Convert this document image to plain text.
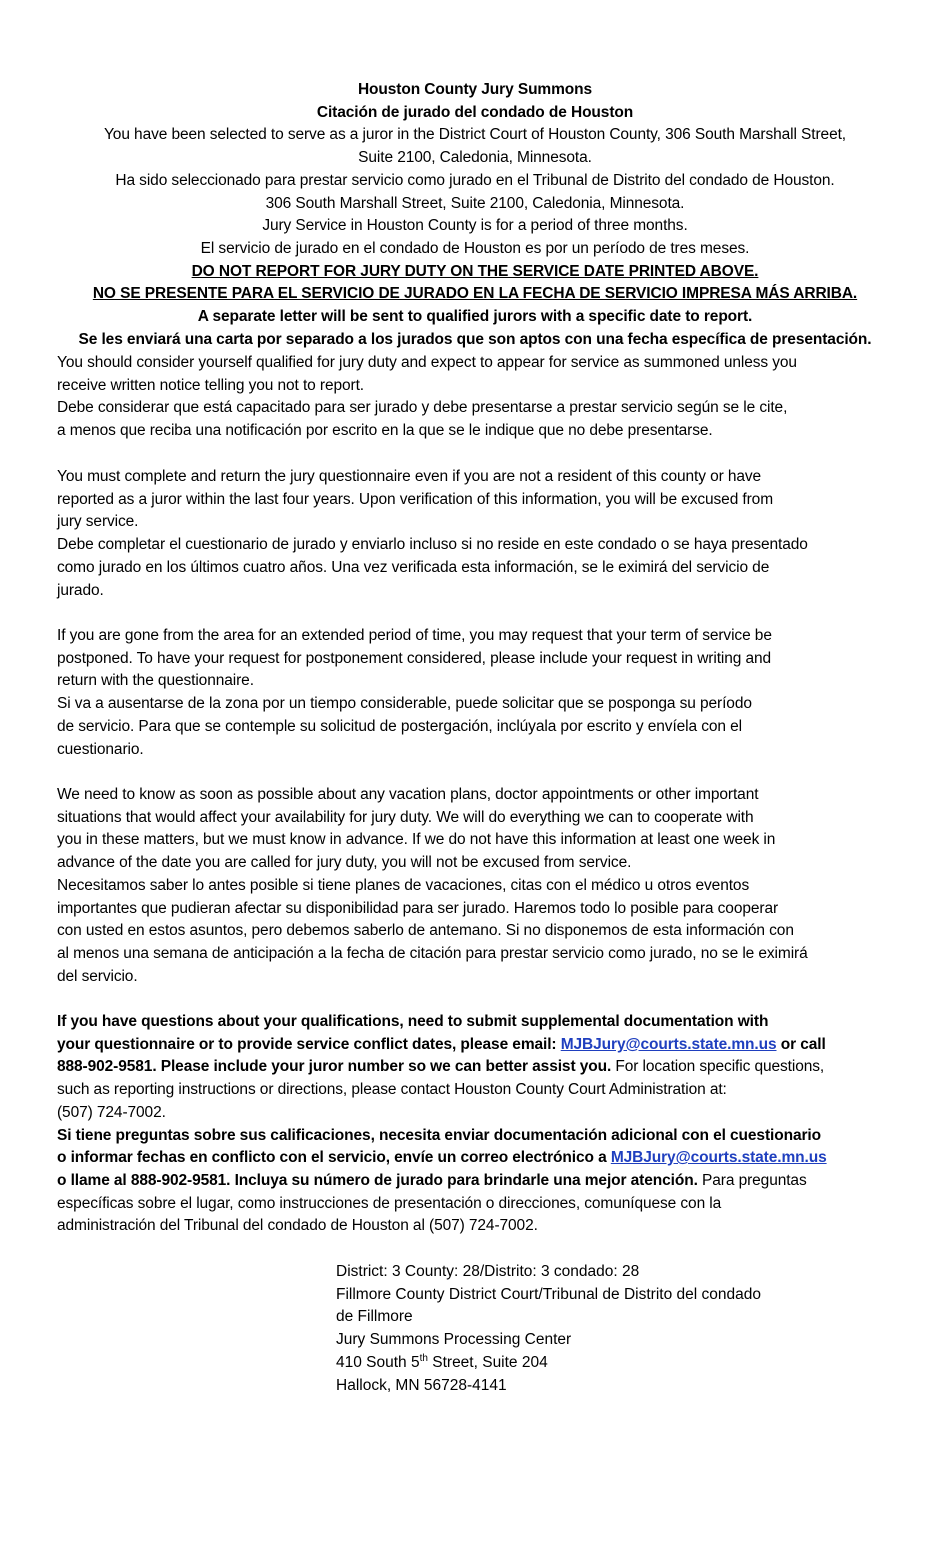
Houston County Jury Summons
Citación de jurado del condado de Houston
You have been selected to serve as a juror in the District Court of Houston County, 306 South Marshall Street,
Suite 2100, Caledonia, Minnesota.
Ha sido seleccionado para prestar servicio como jurado en el Tribunal de Distrito del condado de Houston.
306 South Marshall Street, Suite 2100, Caledonia, Minnesota.
Jury Service in Houston County is for a period of three months.
El servicio de jurado en el condado de Houston es por un período de tres meses.
DO NOT REPORT FOR JURY DUTY ON THE SERVICE DATE PRINTED ABOVE.
NO SE PRESENTE PARA EL SERVICIO DE JURADO EN LA FECHA DE SERVICIO IMPRESA MÁS ARRIBA.
A separate letter will be sent to qualified jurors with a specific date to report.
Se les enviará una carta por separado a los jurados que son aptos con una fecha específica de presentación.
You should consider yourself qualified for jury duty and expect to appear for service as summoned unless you
receive written notice telling you not to report.
Debe considerar que está capacitado para ser jurado y debe presentarse a prestar servicio según se le cite,
a menos que reciba una notificación por escrito en la que se le indique que no debe presentarse.
You must complete and return the jury questionnaire even if you are not a resident of this county or have
reported as a juror within the last four years. Upon verification of this information, you will be excused from
jury service.
Debe completar el cuestionario de jurado y enviarlo incluso si no reside en este condado o se haya presentado
como jurado en los últimos cuatro años. Una vez verificada esta información, se le eximirá del servicio de
jurado.
If you are gone from the area for an extended period of time, you may request that your term of service be
postponed. To have your request for postponement considered, please include your request in writing and
return with the questionnaire.
Si va a ausentarse de la zona por un tiempo considerable, puede solicitar que se posponga su período
de servicio. Para que se contemple su solicitud de postergación, inclúyala por escrito y envíela con el
cuestionario.
We need to know as soon as possible about any vacation plans, doctor appointments or other important
situations that would affect your availability for jury duty. We will do everything we can to cooperate with
you in these matters, but we must know in advance. If we do not have this information at least one week in
advance of the date you are called for jury duty, you will not be excused from service.
Necesitamos saber lo antes posible si tiene planes de vacaciones, citas con el médico u otros eventos
importantes que pudieran afectar su disponibilidad para ser jurado. Haremos todo lo posible para cooperar
con usted en estos asuntos, pero debemos saberlo de antemano. Si no disponemos de esta información con
al menos una semana de anticipación a la fecha de citación para prestar servicio como jurado, no se le eximirá
del servicio.
If you have questions about your qualifications, need to submit supplemental documentation with
your questionnaire or to provide service conflict dates, please email: MJBJury@courts.state.mn.us or call
888-902-9581. Please include your juror number so we can better assist you. For location specific questions,
such as reporting instructions or directions, please contact Houston County Court Administration at:
(507) 724-7002.
Si tiene preguntas sobre sus calificaciones, necesita enviar documentación adicional con el cuestionario
o informar fechas en conflicto con el servicio, envíe un correo electrónico a MJBJury@courts.state.mn.us
o llame al 888-902-9581. Incluya su número de jurado para brindarle una mejor atención. Para preguntas
específicas sobre el lugar, como instrucciones de presentación o direcciones, comuníquese con la
administración del Tribunal del condado de Houston al (507) 724-7002.
District: 3 County: 28/Distrito: 3 condado: 28
Fillmore County District Court/Tribunal de Distrito del condado
de Fillmore
Jury Summons Processing Center
410 South 5th Street, Suite 204
Hallock, MN 56728-4141
